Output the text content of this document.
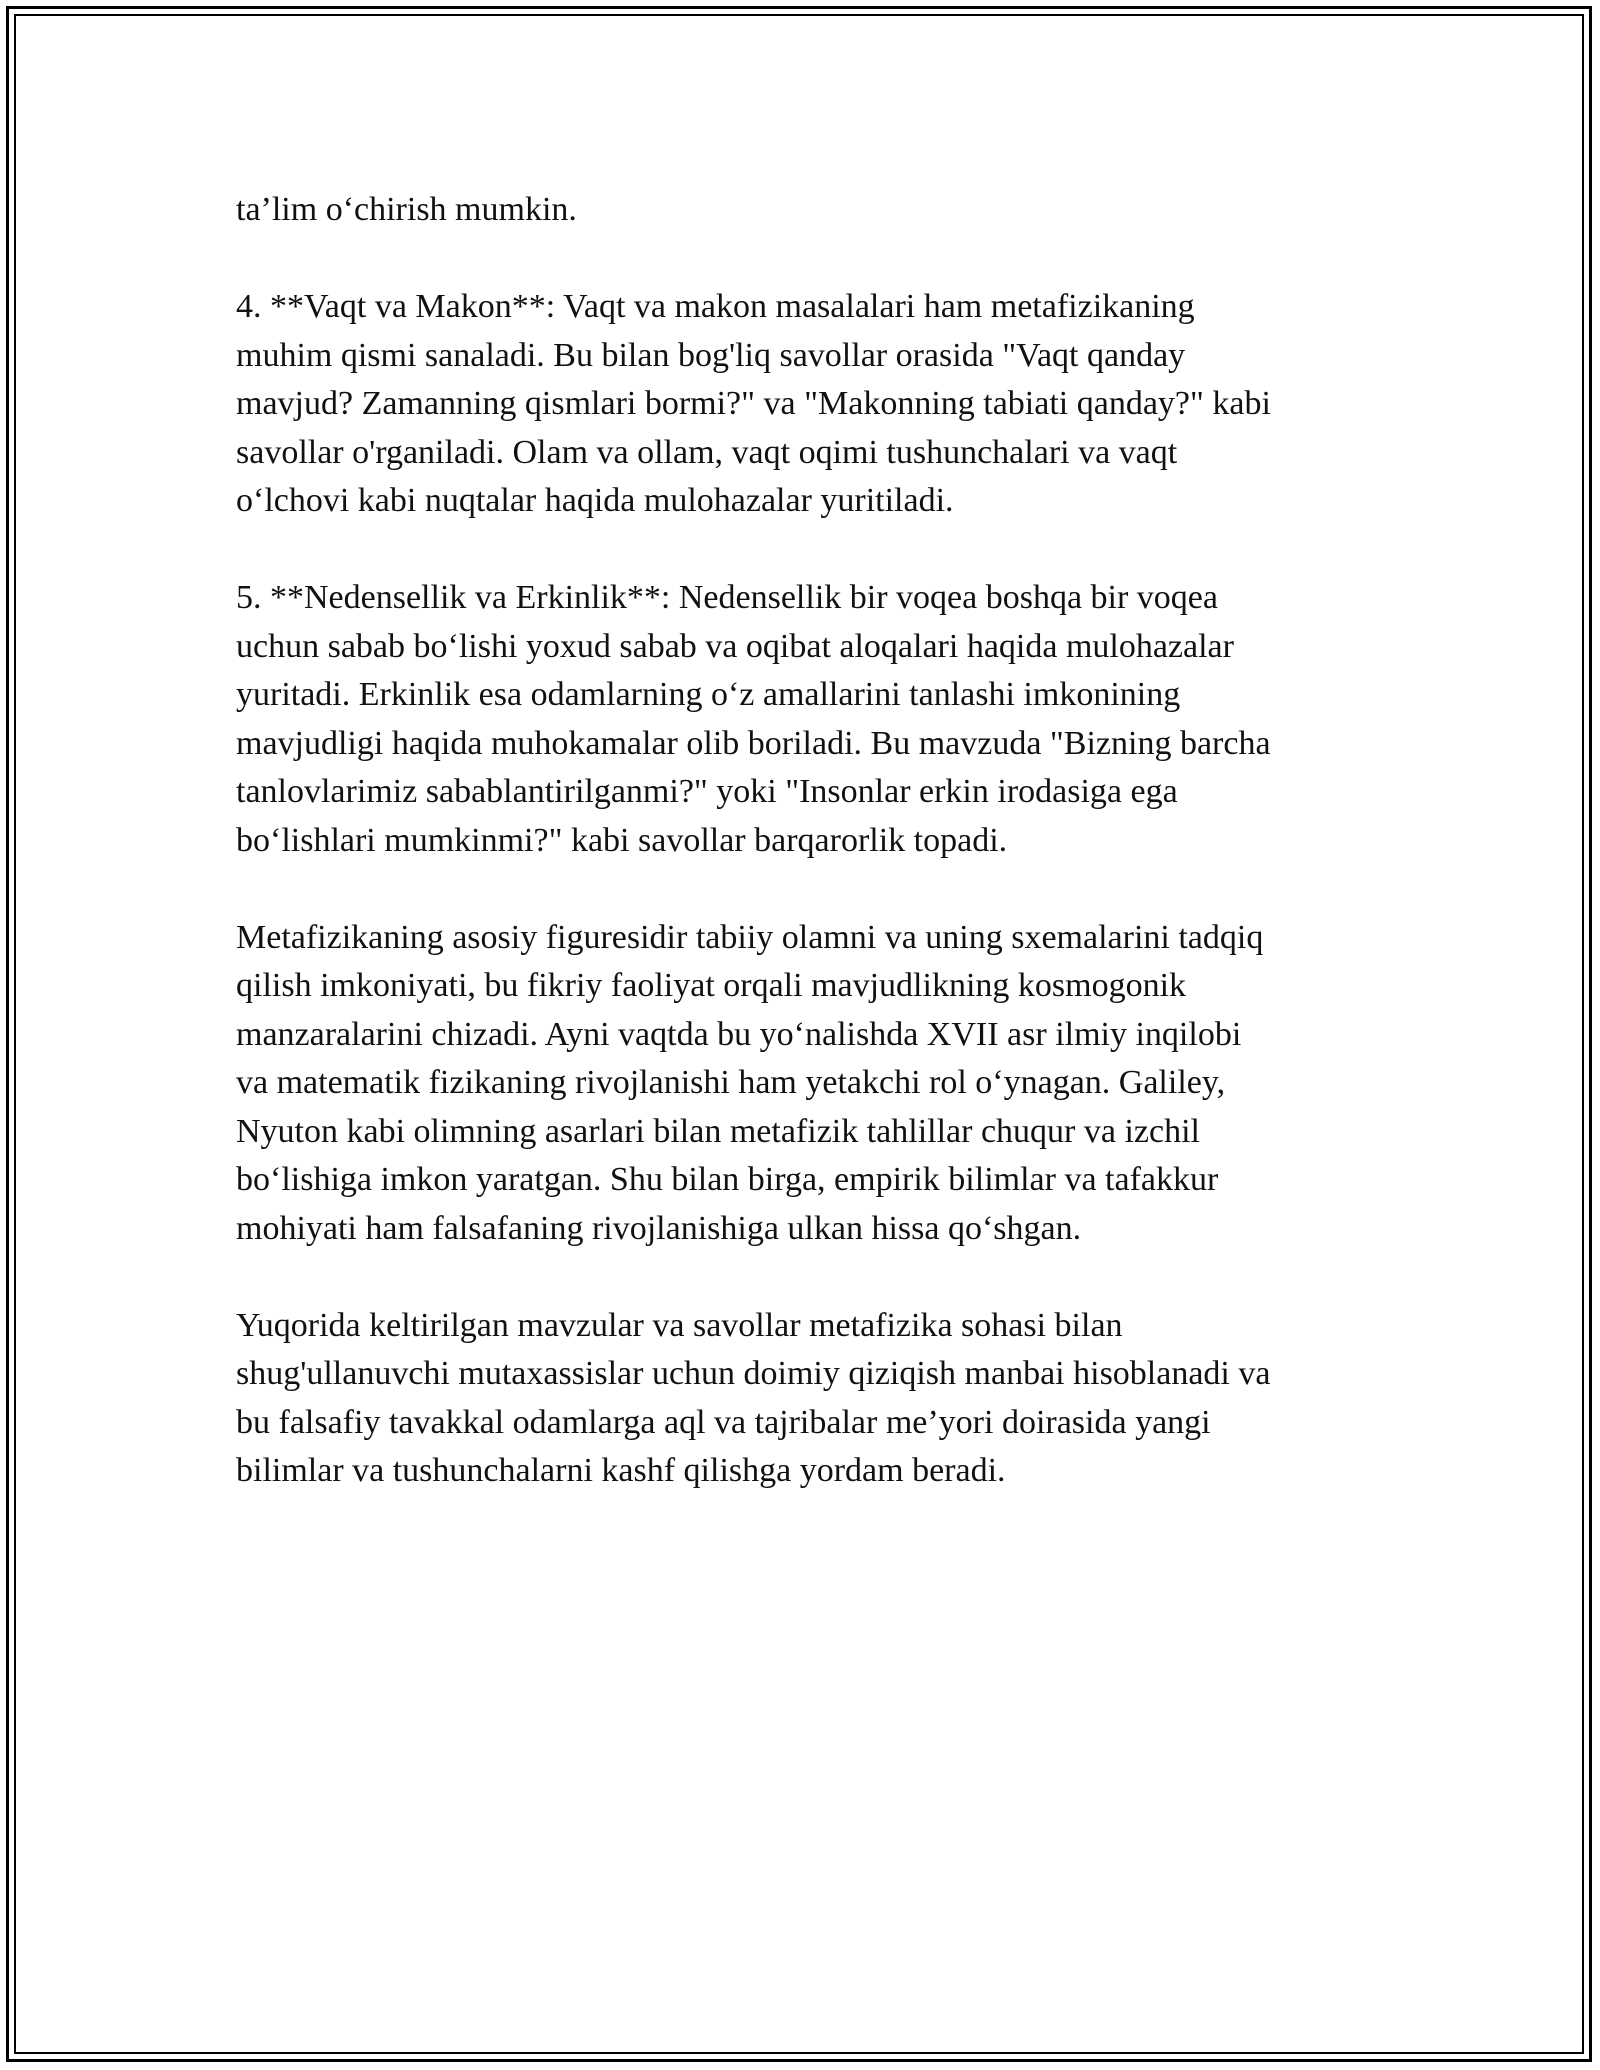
ta’lim o‘chirish mumkin.

4. **Vaqt va Makon**: Vaqt va makon masalalari ham metafizikaning
muhim qismi sanaladi. Bu bilan bog'liq savollar orasida "Vaqt qanday
mavjud? Zamanning qismlari bormi?" va "Makonning tabiati qanday?" kabi
savollar o'rganiladi. Olam va ollam, vaqt oqimi tushunchalari va vaqt
o‘lchovi kabi nuqtalar haqida mulohazalar yuritiladi.

5. **Nedensellik va Erkinlik**: Nedensellik bir voqea boshqa bir voqea
uchun sabab bo‘lishi yoxud sabab va oqibat aloqalari haqida mulohazalar
yuritadi. Erkinlik esa odamlarning o‘z amallarini tanlashi imkonining
mavjudligi haqida muhokamalar olib boriladi. Bu mavzuda "Bizning barcha
tanlovlarimiz sabablantirilganmi?" yoki "Insonlar erkin irodasiga ega
bo‘lishlari mumkinmi?" kabi savollar barqarorlik topadi.

Metafizikaning asosiy figuresidir tabiiy olamni va uning sxemalarini tadqiq
qilish imkoniyati, bu fikriy faoliyat orqali mavjudlikning kosmogonik
manzaralarini chizadi. Ayni vaqtda bu yo‘nalishda XVII asr ilmiy inqilobi
va matematik fizikaning rivojlanishi ham yetakchi rol o‘ynagan. Galiley,
Nyuton kabi olimning asarlari bilan metafizik tahlillar chuqur va izchil
bo‘lishiga imkon yaratgan. Shu bilan birga, empirik bilimlar va tafakkur
mohiyati ham falsafaning rivojlanishiga ulkan hissa qo‘shgan.

Yuqorida keltirilgan mavzular va savollar metafizika sohasi bilan
shug'ullanuvchi mutaxassislar uchun doimiy qiziqish manbai hisoblanadi va
bu falsafiy tavakkal odamlarga aql va tajribalar me’yori doirasida yangi
bilimlar va tushunchalarni kashf qilishga yordam beradi.
